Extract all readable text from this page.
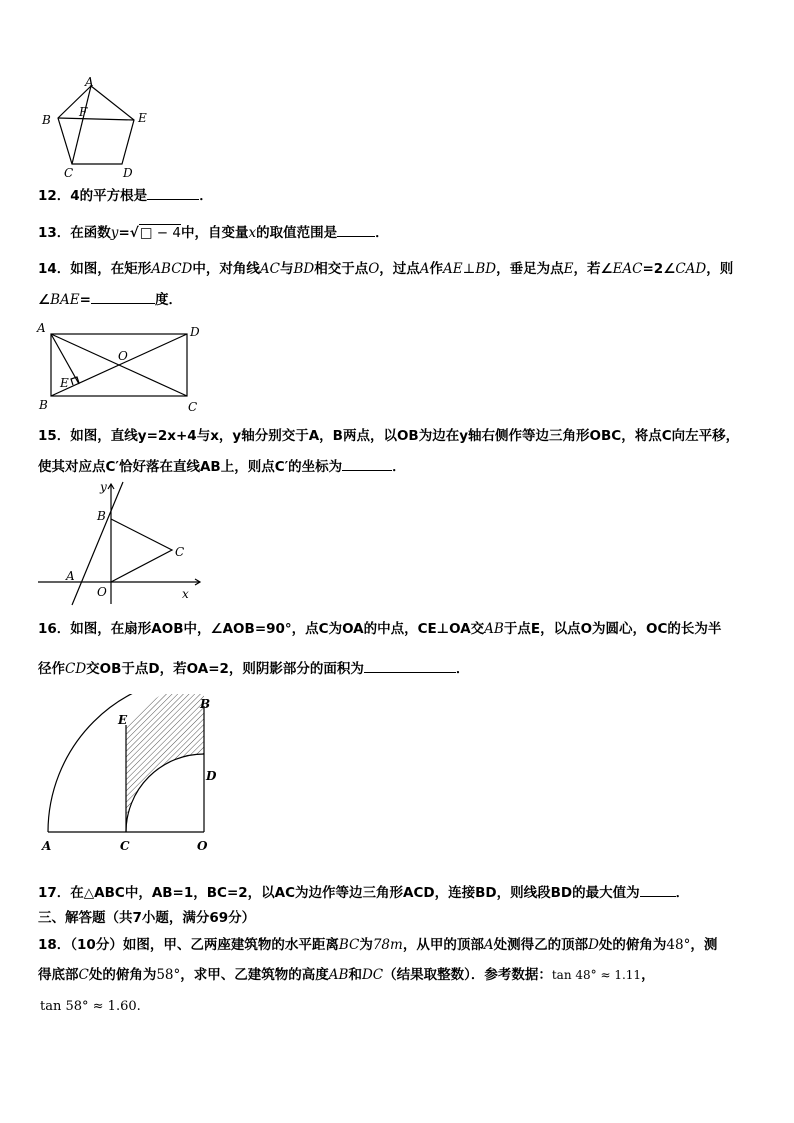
A
F
B	E
C	D
12．4的平方根是	．
13．在函数y=√□ − 4中，自变量x的取值范围是	．
14．如图，在矩形ABCD中，对角线AC与BD相交于点O，过点A作AE⊥BD，垂足为点E，若∠EAC=2∠CAD，则
∠BAE=	度．
A	D
O
E
B	C
15．如图，直线y=2x+4与x，y轴分别交于A，B两点，以OB为边在y轴右侧作等边三角形OBC，将点C向左平移，
使其对应点C′恰好落在直线AB上，则点C′的坐标为	．
y
B
C
A
O	x
16．如图，在扇形AOB中，∠AOB=90°，点C为OA的中点，CE⊥OA交AB于点E，以点O为圆心，OC的长为半
径作CD交OB于点D，若OA=2，则阴影部分的面积为	．
B
E
D
A	C	O
17．在△ABC中，AB=1，BC=2，以AC为边作等边三角形ACD，连接BD，则线段BD的最大值为	．
三、解答题（共7小题，满分69分）
18．（10分）如图，甲、乙两座建筑物的水平距离BC为78m，从甲的顶部A处测得乙的顶部D处的俯角为48°，测
得底部C处的俯角为58°，求甲、乙建筑物的高度AB和DC（结果取整数）．参考数据：tan 48° ≈ 1.11，
tan 58° ≈ 1.60.
